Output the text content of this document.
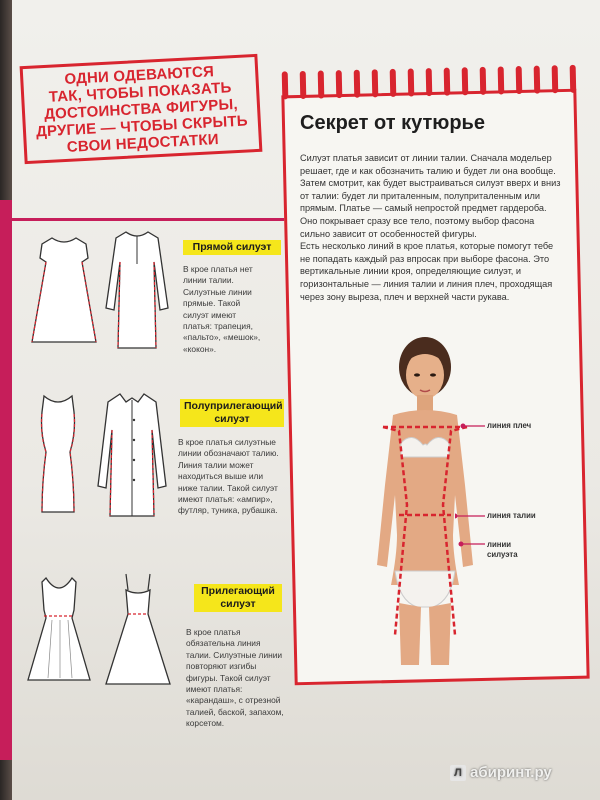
ОДНИ ОДЕВАЮТСЯ
ТАК, ЧТОБЫ ПОКАЗАТЬ
ДОСТОИНСТВА ФИГУРЫ,
ДРУГИЕ — ЧТОБЫ СКРЫТЬ
СВОИ НЕДОСТАТКИ
Секрет от кутюрье

Силуэт платья зависит от линии талии. Сначала модельер решает, где и как обозначить талию и будет ли она вообще. Затем смотрит, как будет выстраиваться силуэт вверх и вниз от талии: будет ли приталенным, полуприталенным или прямым. Платье — самый непростой предмет гардероба. Оно покрывает сразу все тело, поэтому выбор фасона сильно зависит от особенностей фигуры.

Есть несколько линий в крое платья, которые помогут тебе не попадать каждый раз впросак при выборе фасона. Это вертикальные линии кроя, определяющие силуэт, и горизонтальные — линия талии и линия плеч, проходящая через зону выреза, плеч и верхней части рукава.

линия плеч
линия талии
линии
силуэта
Прямой силуэт
В крое платья нет линии талии. Силуэтные линии прямые. Такой силуэт имеют платья: трапеция, «пальто», «мешок», «кокон».
Полуприлегающий силуэт
В крое платья силуэтные линии обозначают талию. Линия талии может находиться выше или ниже талии. Такой силуэт имеют платья: «ампир», футляр, туника, рубашка.
Прилегающий силуэт
В крое платья обязательна линия талии. Силуэтные линии повторяют изгибы фигуры. Такой силуэт имеют платья: «карандаш», с отрезной талией, баской, запахом, корсетом.
Л абиринт.ру
